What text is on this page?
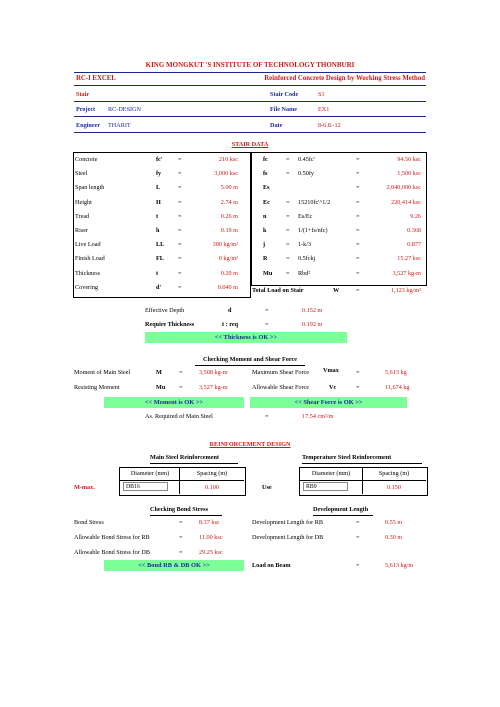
KING MONGKUT 'S INSTITUTE OF TECHNOLOGY THONBURI
RC-I EXCEL	Reinforced Concrete Design by Working Stress Method
Stair	Stair Code	S1
Project RC-DESIGN	File Name	EX1
Engineer THARIT	Date	8-6.8.-12
STAIR DATA
Concrete	fc' =	210 ksc
Steel	fy	=	3,000 ksc
Span length	L	=	5.00 m
Height	H	=	2.74 m
Tread	t	=	0.26 m
Riser	h	=	0.19 m
Live Load	LL =	300 kg/m²
Finish Load	FL =	0 kg/m²
Thickness	t	=	0.20 m
Covering	d'	=	0.040 m
fc	= 0.45fc'	=	94.50 ksc
fs	= 0.50fy	=	1,500 ksc
Es	=	2,040,000 ksc
Ec	= 15210fc'^1/2	=	220,414 ksc
n	= Es/Ec	=	9.26
k	= 1/(1+fs/nfc)	=	0.368
j	= 1-k/3	=	0.877
R	= 0.5fckj	=	15.27 ksc
Mu = Rbd²	=	3,527 kg-m
Total Load on Stair	W	=	1,123 kg/m²
Effective Depth	d	=	0.152 m
Require Thickness	t : req	=	0.192 m
<< Thickness is OK >>
Checking Moment and Shear Force
Moment of Main Steel	M	=	3,508 kg-m	Maximum Shear Force Vmax	=	5,613 kg
Resisting Moment	Mu =	3,527 kg-m	Allowable Shear Force	Vc	=	11,674 kg
<< Moment is OK >>	<< Shear Force is OK >>
As. Required of Main Steel	=	17.54 cm²/m
REINFORCEMENT DESIGN
Main Steel Reinforcement	Temperature Steel Reinforcement
Diameter (mm)	Spacing (m)
M-max.	DB16	0.100	Use
Diameter (mm)	Spacing (m)
RB9	0.150
Checking Bond Stress	Development Length
Bond Stress	=	8.37 ksc
Allowable Bond Stress for RB	=	11.00 ksc
Allowable Bond Stress for DB	=	29.25 ksc
Development Length for RB	=	0.55 m
Development Length for DB	=	0.30 m
<< Bond RB & DB OK >>	Load on Beam	=	5,613 kg/m
